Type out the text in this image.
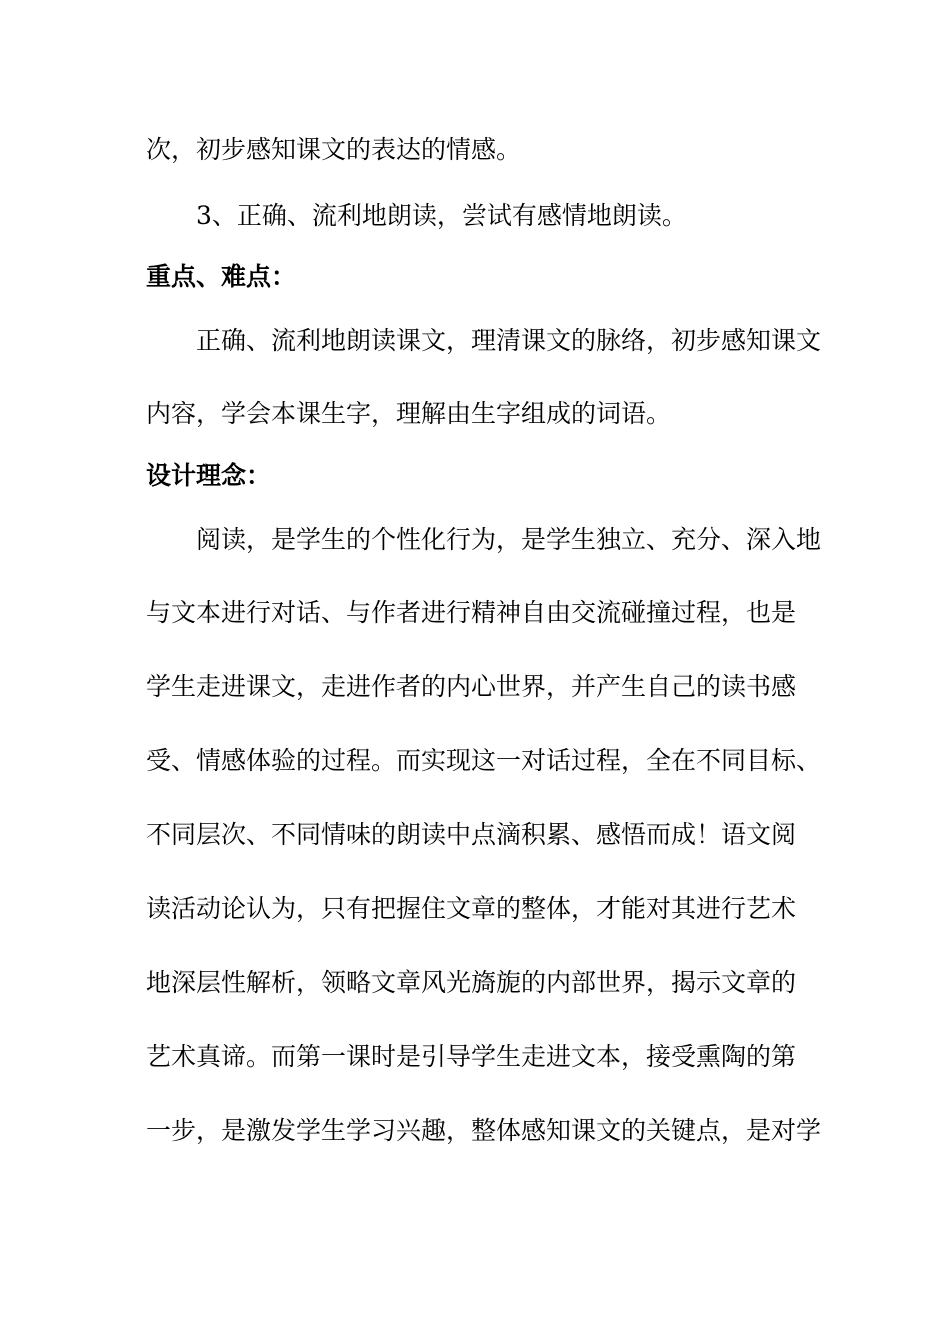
次，初步感知课文的表达的情感。
3、正确、流利地朗读，尝试有感情地朗读。
重点、难点：
正确、流利地朗读课文，理清课文的脉络，初步感知课文
内容，学会本课生字，理解由生字组成的词语。
设计理念：
阅读，是学生的个性化行为，是学生独立、充分、深入地
与文本进行对话、与作者进行精神自由交流碰撞过程，也是
学生走进课文，走进作者的内心世界，并产生自己的读书感
受、情感体验的过程。而实现这一对话过程，全在不同目标、
不同层次、不同情味的朗读中点滴积累、感悟而成！语文阅
读活动论认为，只有把握住文章的整体，才能对其进行艺术
地深层性解析，领略文章风光旖旎的内部世界，揭示文章的
艺术真谛。而第一课时是引导学生走进文本，接受熏陶的第
一步，是激发学生学习兴趣，整体感知课文的关键点，是对学
